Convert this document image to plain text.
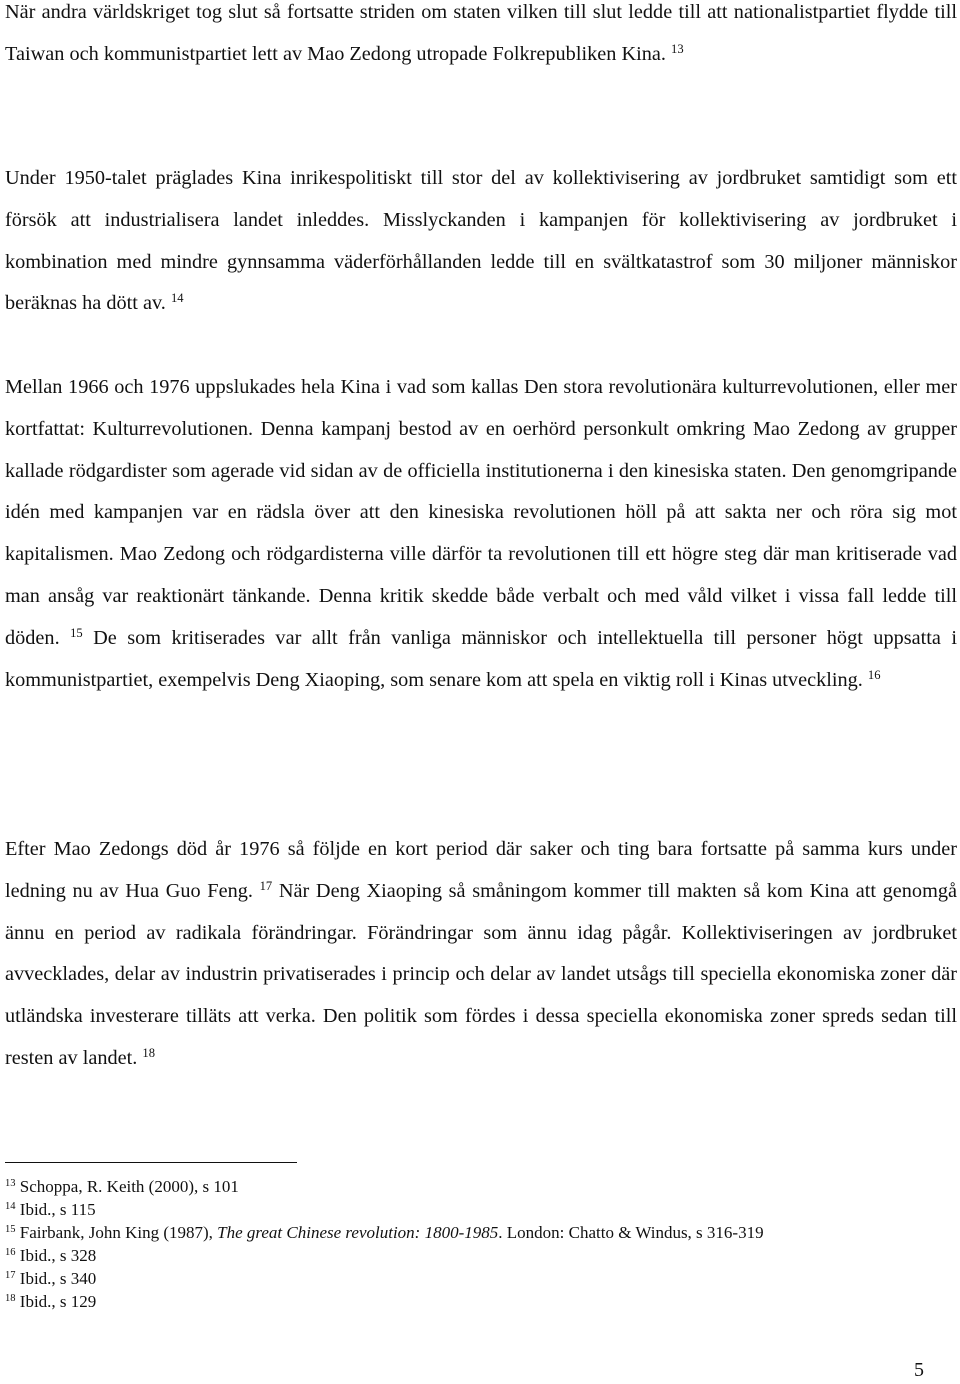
När andra världskriget tog slut så fortsatte striden om staten vilken till slut ledde till att nationalistpartiet flydde till Taiwan och kommunistpartiet lett av Mao Zedong utropade Folkrepubliken Kina. $^{13}$

Under 1950-talet präglades Kina inrikespolitiskt till stor del av kollektivisering av jordbruket samtidigt som ett försök att industrialisera landet inleddes. Misslyckanden i kampanjen för kollektivisering av jordbruket i kombination med mindre gynnsamma väderförhållanden ledde till en svältkatastrof som 30 miljoner människor beräknas ha dött av. $^{14}$

Mellan 1966 och 1976 uppslukades hela Kina i vad som kallas Den stora revolutionära kulturrevolutionen, eller mer kortfattat: Kulturrevolutionen. Denna kampanj bestod av en oerhörd personkult omkring Mao Zedong av grupper kallade rödgardister som agerade vid sidan av de officiella institutionerna i den kinesiska staten. Den genomgripande idén med kampanjen var en rädsla över att den kinesiska revolutionen höll på att sakta ner och röra sig mot kapitalismen. Mao Zedong och rödgardisterna ville därför ta revolutionen till ett högre steg där man kritiserade vad man ansåg var reaktionärt tänkande. Denna kritik skedde både verbalt och med våld vilket i vissa fall ledde till döden. $^{15}$ De som kritiserades var allt från vanliga människor och intellektuella till personer högt uppsatta i kommunistpartiet, exempelvis Deng Xiaoping, som senare kom att spela en viktig roll i Kinas utveckling. $^{16}$

Efter Mao Zedongs död år 1976 så följde en kort period där saker och ting bara fortsatte på samma kurs under ledning nu av Hua Guo Feng. $^{17}$ När Deng Xiaoping så småningom kommer till makten så kom Kina att genomgå ännu en period av radikala förändringar. Förändringar som ännu idag pågår. Kollektiviseringen av jordbruket avvecklades, delar av industrin privatiserades i princip och delar av landet utsågs till speciella ekonomiska zoner där utländska investerare tilläts att verka. Den politik som fördes i dessa speciella ekonomiska zoner spreds sedan till resten av landet. $^{18}$

$^{13}$ Schoppa, R. Keith (2000), s 101
$^{14}$ Ibid., s 115
$^{15}$ Fairbank, John King (1987), The great Chinese revolution: 1800-1985. London: Chatto & Windus, s 316-319
$^{16}$ Ibid., s 328
$^{17}$ Ibid., s 340
$^{18}$ Ibid., s 129
5
